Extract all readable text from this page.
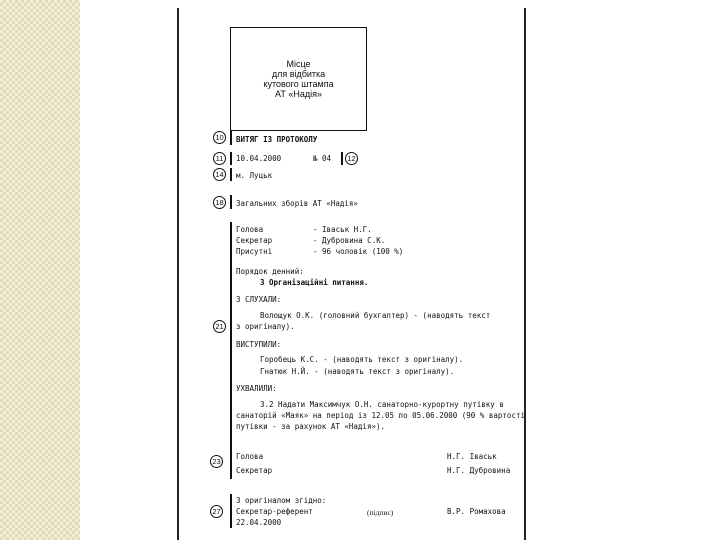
Місце
для відбитка
кутового штампа
АТ «Надія»
10	ВИТЯГ ІЗ ПРОТОКОЛУ
11	10.04.2000	№ 04	12
14	м. Луцьк
18	Загальних зборів АТ «Надія»
21
Голова	- Іваськ Н.Г.
Секретар	- Дубровина С.К.
Присутні	- 96 чоловік (100 %)
Порядок денний:
3 Організаційні питання.
3 СЛУХАЛИ:
Волощук О.К. (головний бухгалтер) - (наводять текст
з оригіналу).
ВИСТУПИЛИ:
Горобець К.С. - (наводять текст з оригіналу).
Гнатюк Н.Й. - (наводять текст з оригіналу).
УХВАЛИЛИ:
3.2 Надати Максимчук О.Н. санаторно-курортну путівку в
санаторій «Маяк» на період із 12.05 по 05.06.2000 (90 % вартості
путівки - за рахунок АТ «Надія»).
23
Голова	Н.Г. Іваськ
Секретар	Н.Г. Дубровина
27
З оригіналом згідно:
Секретар-референт	(підпис)	В.Р. Ромахова
22.04.2000
